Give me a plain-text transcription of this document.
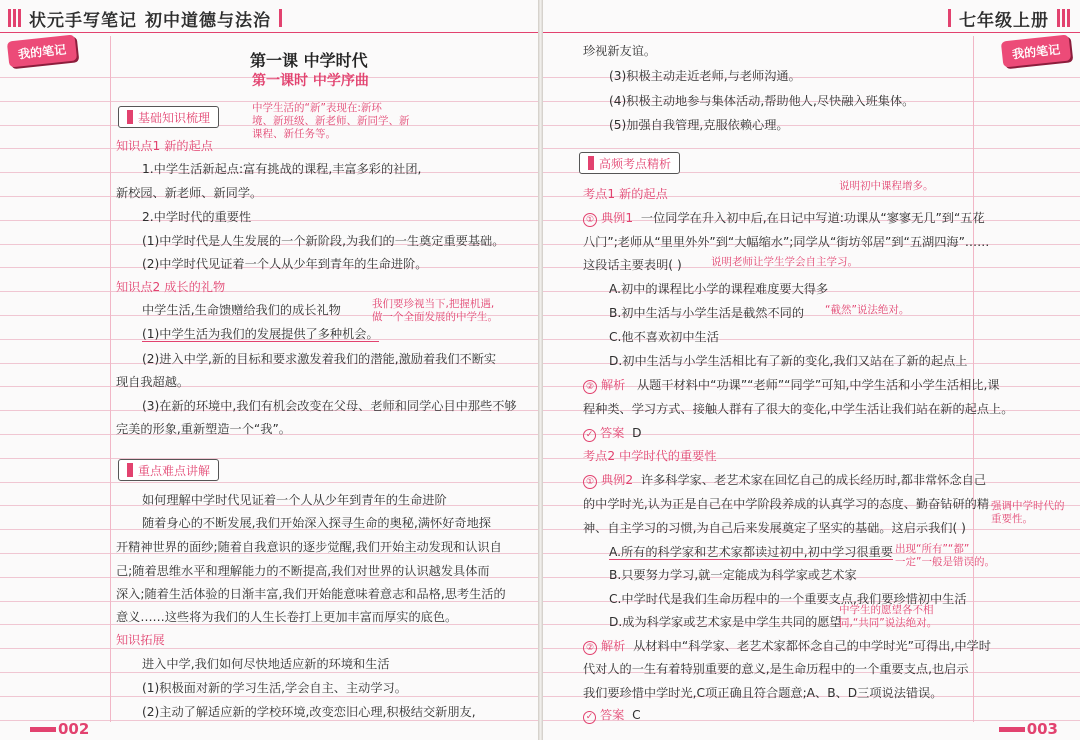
状元手写笔记 初中道德与法治
我的笔记	第一课 中学时代
第一课时 中学序曲
基础知识梳理
中学生活的“新”表现在:新环
境、新班级、新老师、新同学、新
课程、新任务等。
知识点1 新的起点
1.中学生活新起点:富有挑战的课程,丰富多彩的社团,
新校园、新老师、新同学。
2.中学时代的重要性
(1)中学时代是人生发展的一个新阶段,为我们的一生奠定重要基础。
(2)中学时代见证着一个人从少年到青年的生命进阶。
知识点2 成长的礼物
中学生活,生命馈赠给我们的成长礼物	我们要珍视当下,把握机遇,
做一个全面发展的中学生。
(1)中学生活为我们的发展提供了多种机会。
(2)进入中学,新的目标和要求激发着我们的潜能,激励着我们不断实
现自我超越。
(3)在新的环境中,我们有机会改变在父母、老师和同学心目中那些不够
完美的形象,重新塑造一个“我”。
重点难点讲解
如何理解中学时代见证着一个人从少年到青年的生命进阶
随着身心的不断发展,我们开始深入探寻生命的奥秘,满怀好奇地探
开精神世界的面纱;随着自我意识的逐步觉醒,我们开始主动发现和认识自
己;随着思维水平和理解能力的不断提高,我们对世界的认识越发具体而
深入;随着生活体验的日渐丰富,我们开始能意味着意志和品格,思考生活的
意义……这些将为我们的人生长卷打上更加丰富而厚实的底色。
知识拓展
进入中学,我们如何尽快地适应新的环境和生活
(1)积极面对新的学习生活,学会自主、主动学习。
(2)主动了解适应新的学校环境,改变恋旧心理,积极结交新朋友,
002
七年级上册
我的笔记
珍视新友谊。
(3)积极主动走近老师,与老师沟通。
(4)积极主动地参与集体活动,帮助他人,尽快融入班集体。
(5)加强自我管理,克服依赖心理。
高频考点精析
考点1 新的起点
说明初中课程增多。
① 典例1 一位同学在升入初中后,在日记中写道:功课从“寥寥无几”到“五花
八门”;老师从“里里外外”到“大幅缩水”;同学从“街坊邻居”到“五湖四海”……
这段话主要表明( )	说明老师让学生学会自主学习。
A.初中的课程比小学的课程难度要大得多
B.初中生活与小学生活是截然不同的 “截然”说法绝对。
C.他不喜欢初中生活
D.初中生活与小学生活相比有了新的变化,我们又站在了新的起点上
② 解析 从题干材料中“功课”“老师”“同学”可知,中学生活和小学生活相比,课
程种类、学习方式、接触人群有了很大的变化,中学生活让我们站在新的起点上。
✓ 答案 D
考点2 中学时代的重要性
① 典例2 许多科学家、老艺术家在回忆自己的成长经历时,都非常怀念自己
的中学时光,认为正是自己在中学阶段养成的认真学习的态度、勤奋钻研的精
神、自主学习的习惯,为自己后来发展奠定了坚实的基础。这启示我们( )
强调中学时代的
重要性。
A.所有的科学家和艺术家都读过初中,初中学习很重要 出现“所有”“都”
一定”一般是错误的。
B.只要努力学习,就一定能成为科学家或艺术家
C.中学时代是我们生命历程中的一个重要支点,我们要珍惜初中生活
D.成为科学家或艺术家是中学生共同的愿望
中学生的愿望各不相
同,“共同”说法绝对。
② 解析 从材料中“科学家、老艺术家都怀念自己的中学时光”可得出,中学时
代对人的一生有着特别重要的意义,是生命历程中的一个重要支点,也启示
我们要珍惜中学时光,C项正确且符合题意;A、B、D三项说法错误。
✓ 答案 C
003
